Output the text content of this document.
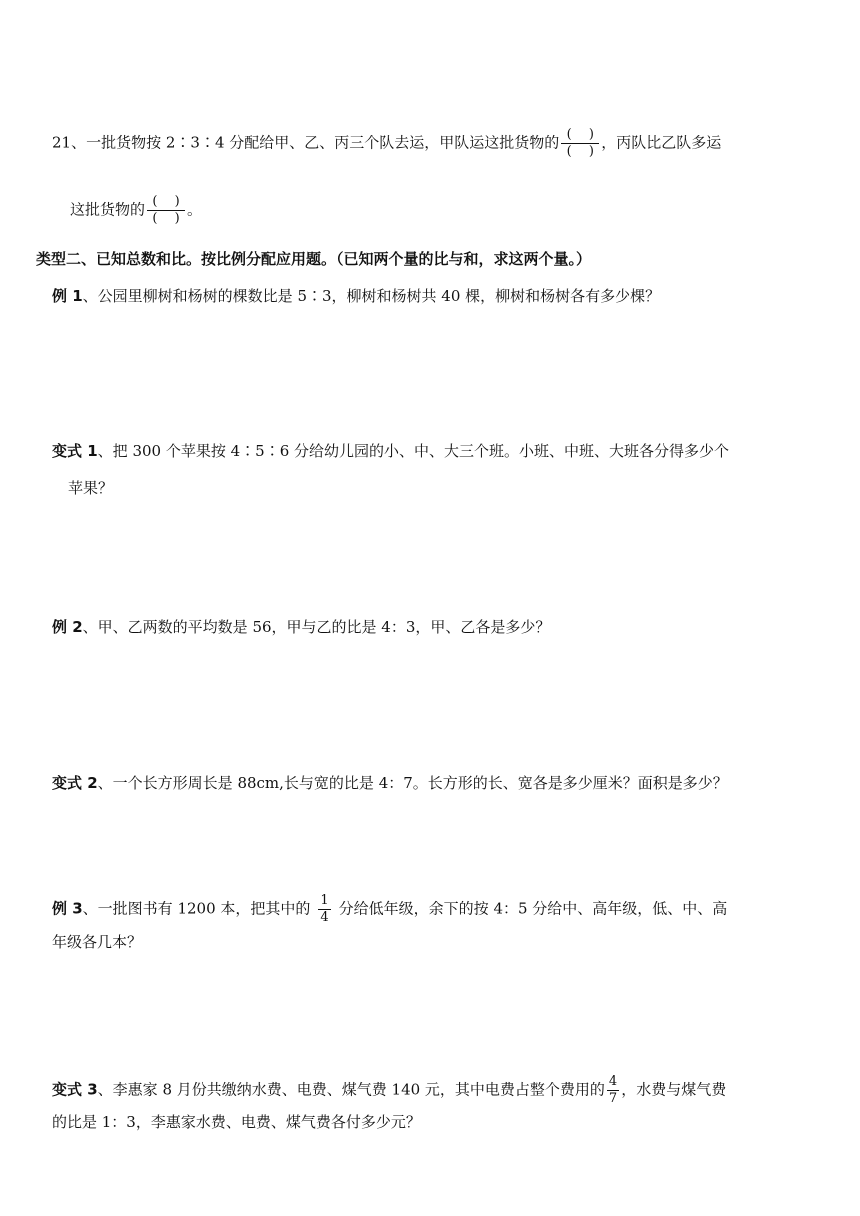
21、一批货物按 2∶3∶4 分配给甲、乙、丙三个队去运，甲队运这批货物的 $\frac{( )}{( )}$ ，丙队比乙队多运
这批货物的 $\frac{( )}{( )}$ 。
类型二、已知总数和比。按比例分配应用题。（已知两个量的比与和，求这两个量。）
例 1、公园里柳树和杨树的棵数比是 5∶3，柳树和杨树共 40 棵，柳树和杨树各有多少棵？
变式 1、把 300 个苹果按 4∶5∶6 分给幼儿园的小、中、大三个班。小班、中班、大班各分得多少个
苹果？
例 2、甲、乙两数的平均数是 56，甲与乙的比是 4：3，甲、乙各是多少？
变式 2、一个长方形周长是 88cm,长与宽的比是 4：7。长方形的长、宽各是多少厘米？面积是多少？
例 3、一批图书有 1200 本，把其中的 $\frac{1}{4}$ 分给低年级，余下的按 4：5 分给中、高年级，低、中、高
年级各几本？
变式 3、李惠家 8 月份共缴纳水费、电费、煤气费 140 元，其中电费占整个费用的 $\frac{4}{7}$ ，水费与煤气费
的比是 1：3，李惠家水费、电费、煤气费各付多少元？
